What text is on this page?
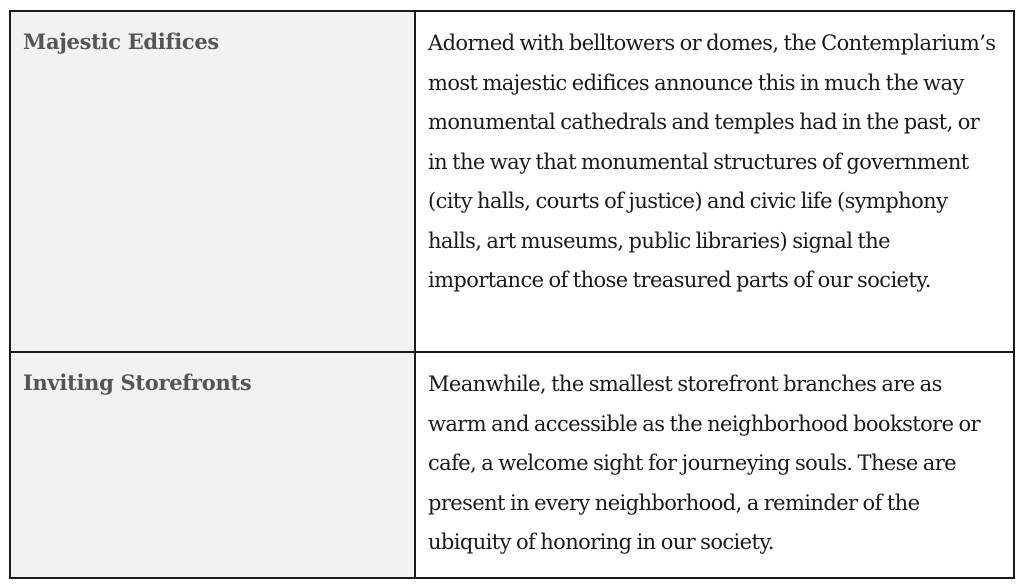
Majestic Edifices	Adorned with belltowers or domes, the Contemplarium’s most majestic edifices announce this in much the way monumental cathedrals and temples had in the past, or in the way that monumental structures of government (city halls, courts of justice) and civic life (symphony halls, art museums, public libraries) signal the importance of those treasured parts of our society.

Inviting Storefronts	Meanwhile, the smallest storefront branches are as warm and accessible as the neighborhood bookstore or cafe, a welcome sight for journeying souls. These are present in every neighborhood, a reminder of the ubiquity of honoring in our society.
